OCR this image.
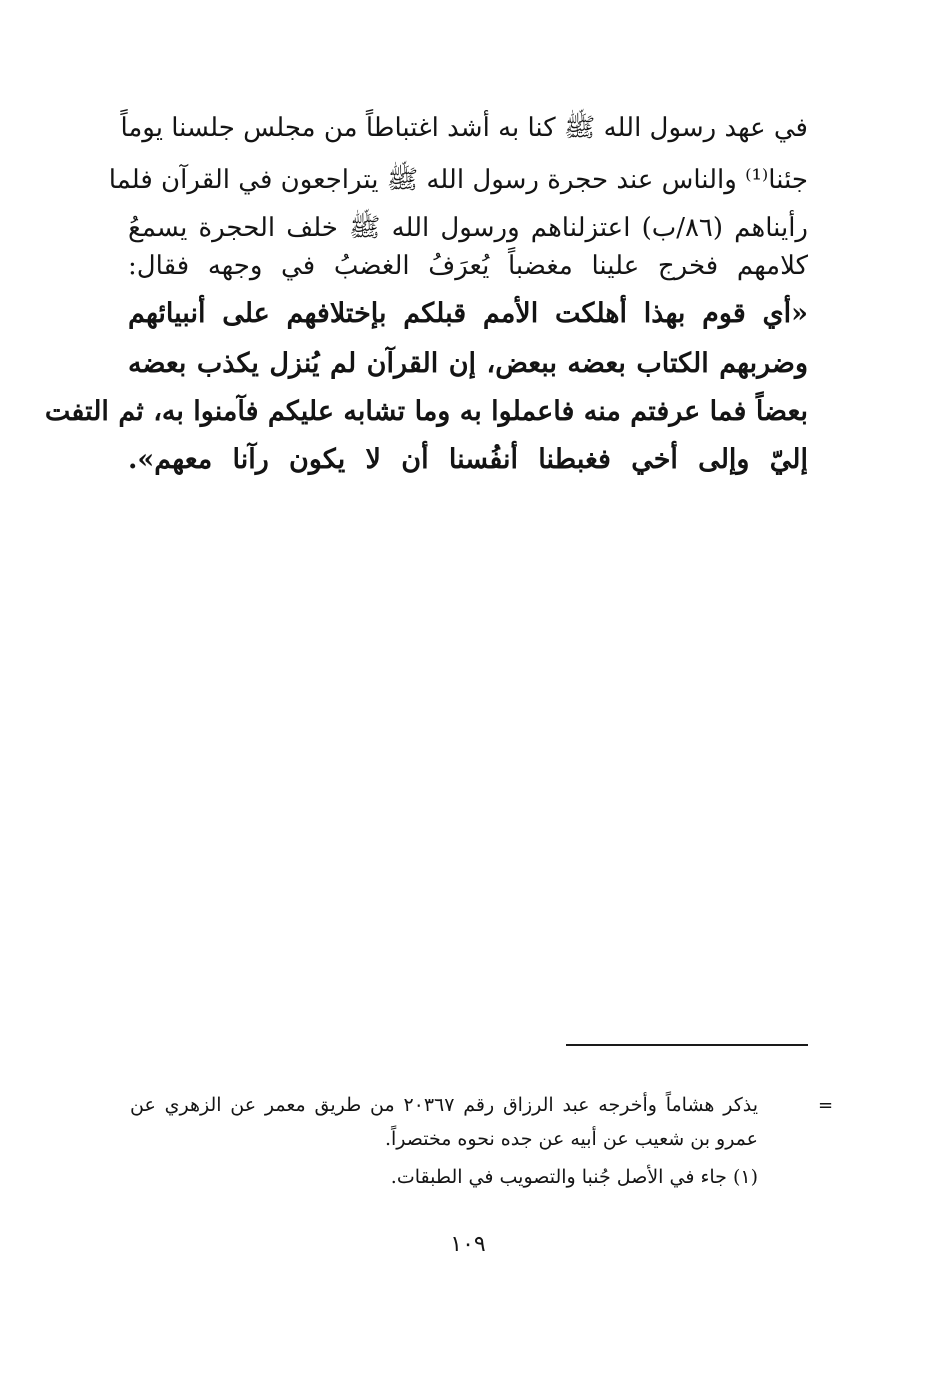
في عهد رسول الله ﷺ كنا به أشد اغتباطاً من مجلس جلسنا يوماً
جئنا⁽¹⁾ والناس عند حجرة رسول الله ﷺ يتراجعون في القرآن فلما
رأيناهم (٨٦/ب) اعتزلناهم ورسول الله ﷺ خلف الحجرة يسمعُ
كلامهم فخرج علينا مغضباً يُعرَفُ الغضبُ في وجهه فقال:
«أي قوم بهذا أهلكت الأمم قبلكم بإختلافهم على أنبيائهم
وضربهم الكتاب بعضه ببعض، إن القرآن لم يُنزل يكذب بعضه
بعضاً فما عرفتم منه فاعملوا به وما تشابه عليكم فآمنوا به، ثم التفت
إليّ وإلى أخي فغبطنا أنفُسنا أن لا يكون رآنا معهم».
=
يذكر هشاماً وأخرجه عبد الرزاق رقم ٢٠٣٦٧ من طريق معمر عن الزهري عن
عمرو بن شعيب عن أبيه عن جده نحوه مختصراً.
(١) جاء في الأصل جُنبا والتصويب في الطبقات.
١٠٩
